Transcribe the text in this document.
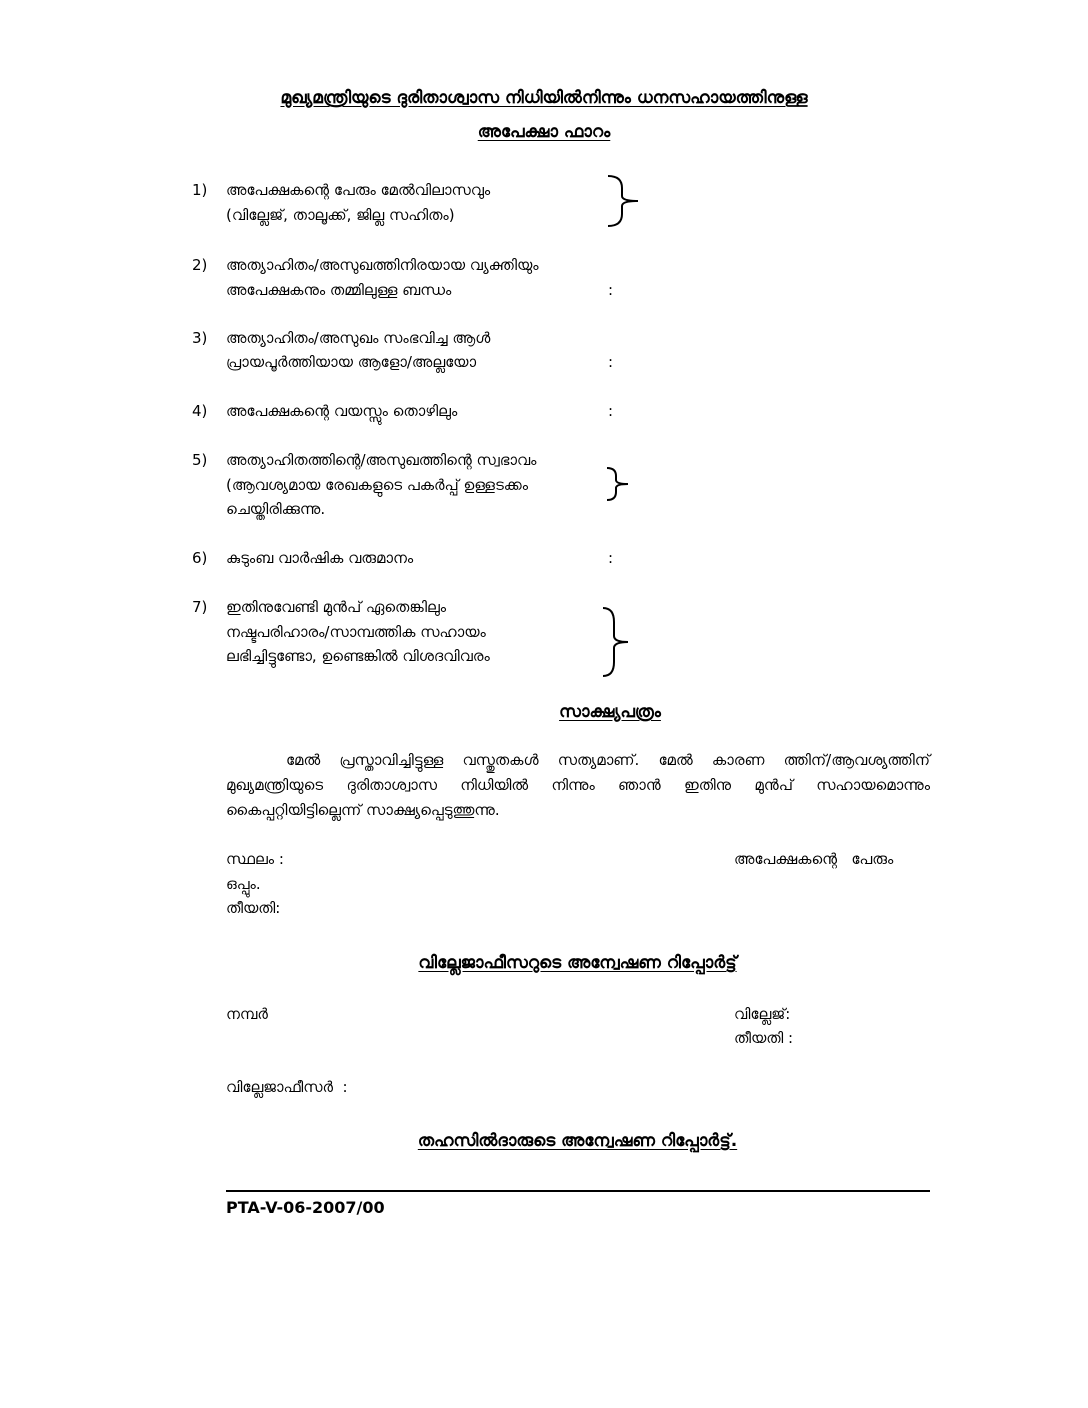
മുഖ്യമന്ത്രിയുടെ ദുരിതാശ്വാസ നിധിയിൽനിന്നും ധനസഹായത്തിനുള്ള
അപേക്ഷാ ഫാറം
1) അപേക്ഷകന്റെ പേരും മേൽവിലാസവും
(വില്ലേജ്, താലൂക്ക്, ജില്ല സഹിതം)
2) അത്യാഹിതം/അസുഖത്തിനിരയായ വ്യക്തിയും
അപേക്ഷകനും തമ്മിലുള്ള ബന്ധം	:
3) അത്യാഹിതം/അസുഖം സംഭവിച്ച ആൾ
പ്രായപൂർത്തിയായ ആളോ/അല്ലയോ	:
4) അപേക്ഷകന്റെ വയസ്സും തൊഴിലും	:
5) അത്യാഹിതത്തിന്റെ/അസുഖത്തിന്റെ സ്വഭാവം
(ആവശ്യമായ രേഖകളുടെ പകർപ്പ് ഉള്ളടക്കം
ചെയ്തിരിക്കുന്നു.
6) കുടുംബ വാർഷിക വരുമാനം	:
7) ഇതിനുവേണ്ടി മുൻപ് ഏതെങ്കിലും
നഷ്ടപരിഹാരം/സാമ്പത്തിക സഹായം
ലഭിച്ചിട്ടുണ്ടോ, ഉണ്ടെങ്കിൽ വിശദവിവരം
സാക്ഷ്യപത്രം
മേൽ പ്രസ്താവിച്ചിട്ടുള്ള വസ്തുതകൾ സത്യമാണ്. മേൽ കാരണ ത്തിന്/ആവശ്യത്തിന് മുഖ്യമന്ത്രിയുടെ ദുരിതാശ്വാസ നിധിയിൽ നിന്നും ഞാൻ ഇതിനു മുൻപ് സഹായമൊന്നും കൈപ്പറ്റിയിട്ടില്ലെന്ന് സാക്ഷ്യപ്പെടുത്തുന്നു.
സ്ഥലം :	അപേക്ഷകന്റെ   പേരും
ഒപ്പും.
തീയതി:
വില്ലേജാഫീസറുടെ അന്വേഷണ റിപ്പോർട്ട്
നമ്പർ	വില്ലേജ്:
തീയതി :
വില്ലേജാഫീസർ  :
തഹസിൽദാരുടെ അന്വേഷണ റിപ്പോർട്ട്.
PTA-V-06-2007/00
